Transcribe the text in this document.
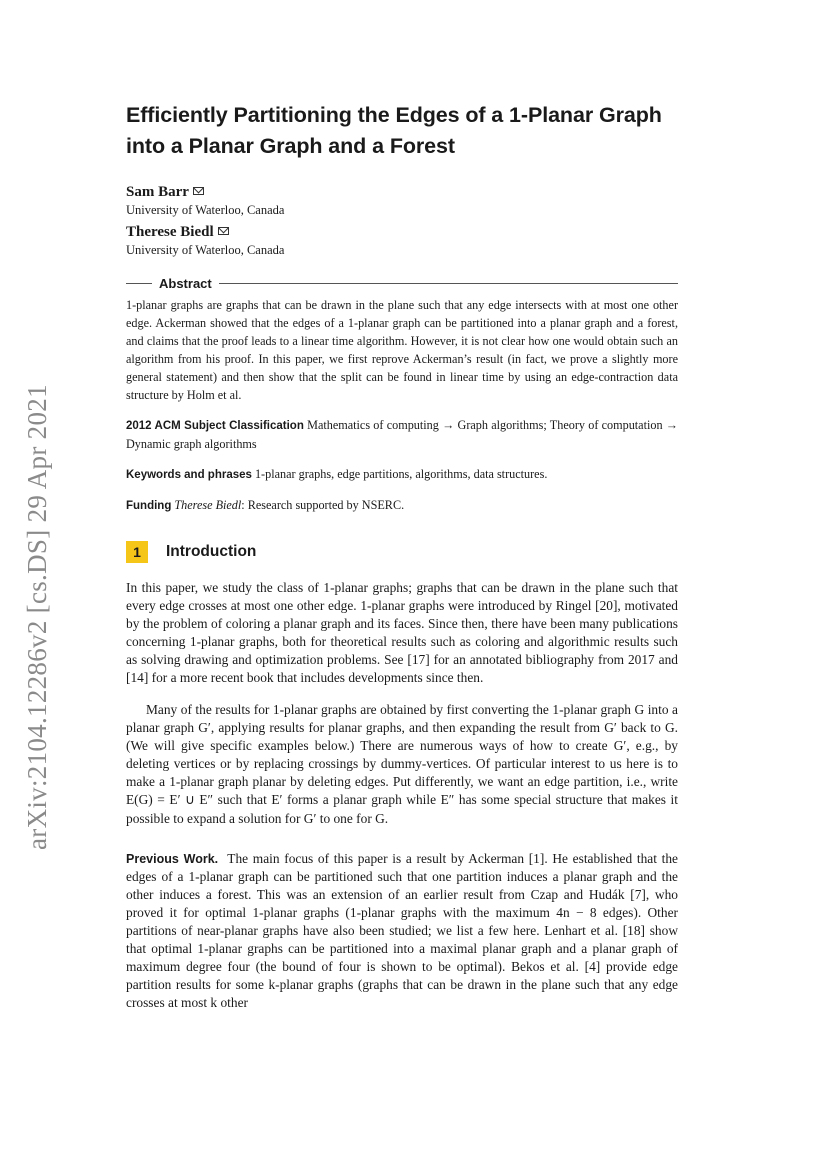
arXiv:2104.12286v2 [cs.DS] 29 Apr 2021
Efficiently Partitioning the Edges of a 1-Planar Graph into a Planar Graph and a Forest
Sam Barr
University of Waterloo, Canada
Therese Biedl
University of Waterloo, Canada
Abstract
1-planar graphs are graphs that can be drawn in the plane such that any edge intersects with at most one other edge. Ackerman showed that the edges of a 1-planar graph can be partitioned into a planar graph and a forest, and claims that the proof leads to a linear time algorithm. However, it is not clear how one would obtain such an algorithm from his proof. In this paper, we first reprove Ackerman’s result (in fact, we prove a slightly more general statement) and then show that the split can be found in linear time by using an edge-contraction data structure by Holm et al.
2012 ACM Subject Classification Mathematics of computing → Graph algorithms; Theory of computation → Dynamic graph algorithms
Keywords and phrases 1-planar graphs, edge partitions, algorithms, data structures.
Funding Therese Biedl: Research supported by NSERC.
1	Introduction

In this paper, we study the class of 1-planar graphs; graphs that can be drawn in the plane such that every edge crosses at most one other edge. 1-planar graphs were introduced by Ringel [20], motivated by the problem of coloring a planar graph and its faces. Since then, there have been many publications concerning 1-planar graphs, both for theoretical results such as coloring and algorithmic results such as solving drawing and optimization problems. See [17] for an annotated bibliography from 2017 and [14] for a more recent book that includes developments since then.

Many of the results for 1-planar graphs are obtained by first converting the 1-planar graph G into a planar graph G′, applying results for planar graphs, and then expanding the result from G′ back to G. (We will give specific examples below.) There are numerous ways of how to create G′, e.g., by deleting vertices or by replacing crossings by dummy-vertices. Of particular interest to us here is to make a 1-planar graph planar by deleting edges. Put differently, we want an edge partition, i.e., write E(G) = E′ ∪ E″ such that E′ forms a planar graph while E″ has some special structure that makes it possible to expand a solution for G′ to one for G.

Previous Work. The main focus of this paper is a result by Ackerman [1]. He established that the edges of a 1-planar graph can be partitioned such that one partition induces a planar graph and the other induces a forest. This was an extension of an earlier result from Czap and Hudák [7], who proved it for optimal 1-planar graphs (1-planar graphs with the maximum 4n − 8 edges). Other partitions of near-planar graphs have also been studied; we list a few here. Lenhart et al. [18] show that optimal 1-planar graphs can be partitioned into a maximal planar graph and a planar graph of maximum degree four (the bound of four is shown to be optimal). Bekos et al. [4] provide edge partition results for some k-planar graphs (graphs that can be drawn in the plane such that any edge crosses at most k other
